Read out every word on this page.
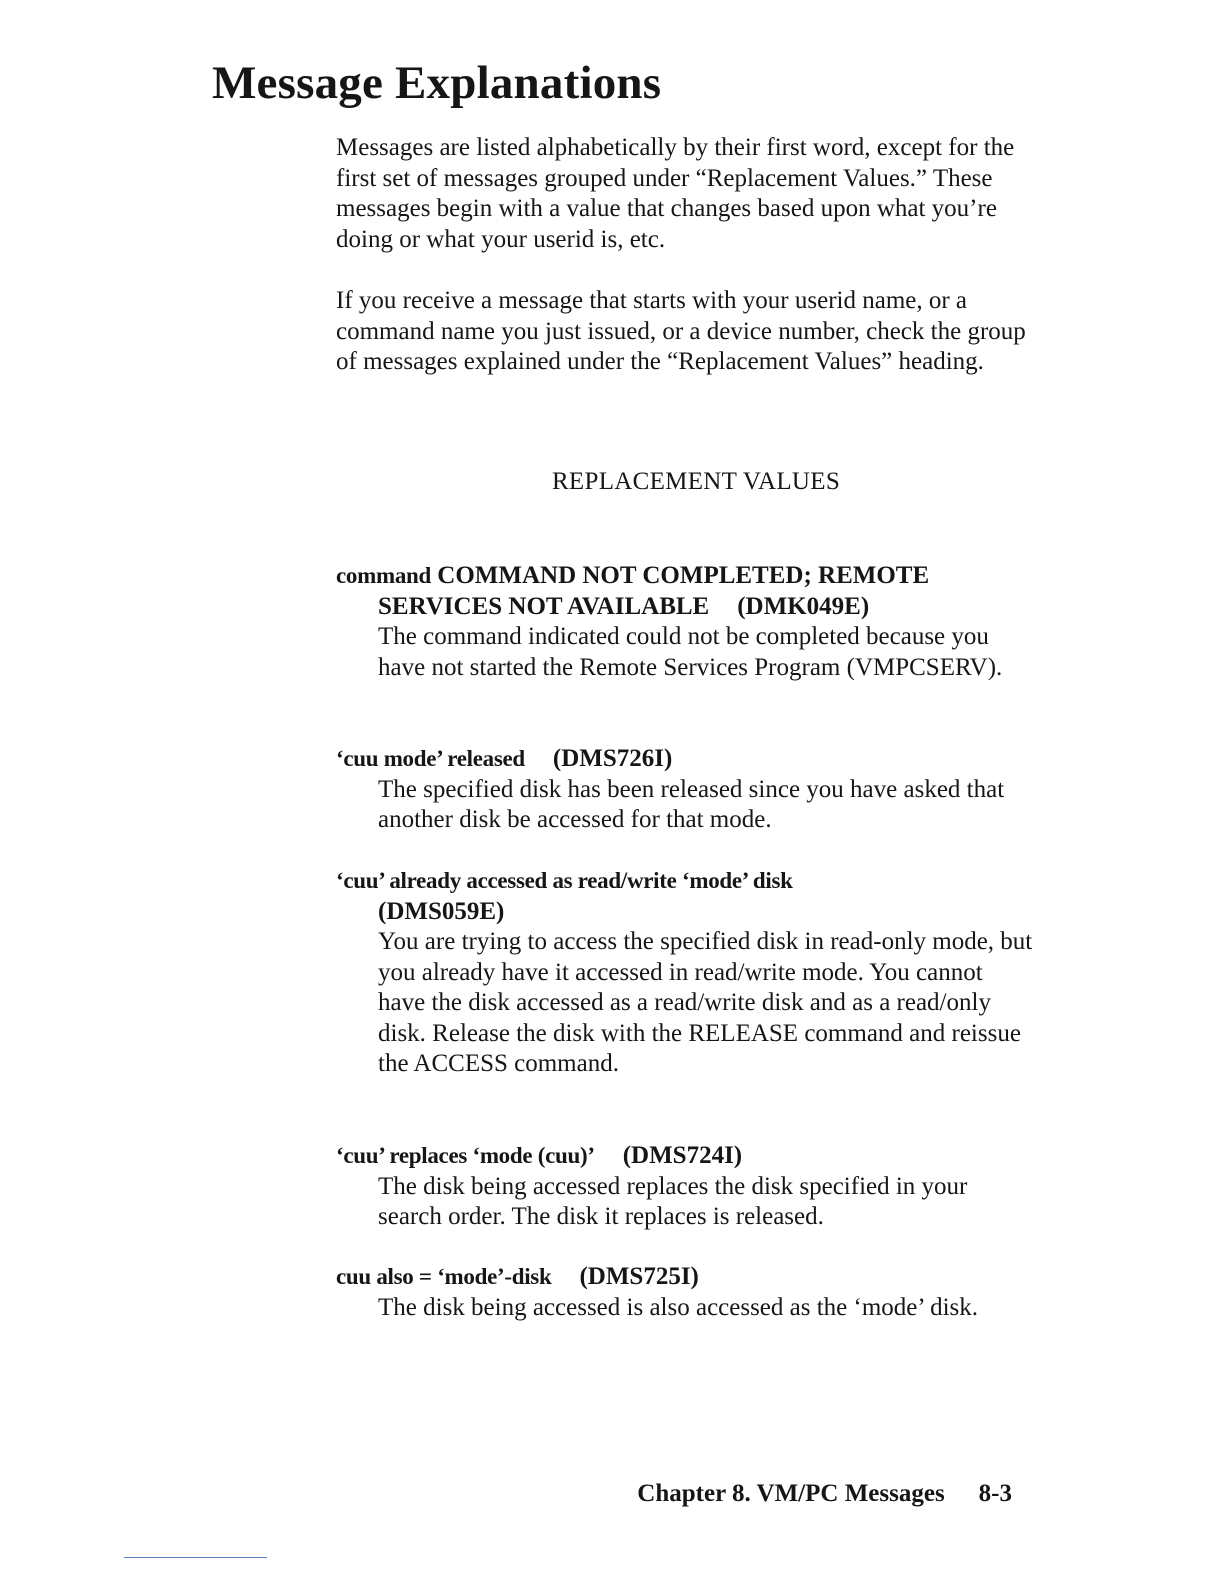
Message Explanations

Messages are listed alphabetically by their first word, except for the first set of messages grouped under “Replacement Values.” These messages begin with a value that changes based upon what you’re doing or what your userid is, etc.

If you receive a message that starts with your userid name, or a command name you just issued, or a device number, check the group of messages explained under the “Replacement Values” heading.

REPLACEMENT VALUES
command COMMAND NOT COMPLETED; REMOTE SERVICES NOT AVAILABLE (DMK049E)
The command indicated could not be completed because you have not started the Remote Services Program (VMPCSERV).
‘cuu mode’ released (DMS726I)
The specified disk has been released since you have asked that another disk be accessed for that mode.
‘cuu’ already accessed as read/write ‘mode’ disk
(DMS059E)
You are trying to access the specified disk in read-only mode, but you already have it accessed in read/write mode. You cannot have the disk accessed as a read/write disk and as a read/only disk. Release the disk with the RELEASE command and reissue the ACCESS command.
‘cuu’ replaces ‘mode (cuu)’ (DMS724I)
The disk being accessed replaces the disk specified in your search order. The disk it replaces is released.
cuu also = ‘mode’-disk (DMS725I)
The disk being accessed is also accessed as the ‘mode’ disk.
Chapter 8. VM/PC Messages 8-3
